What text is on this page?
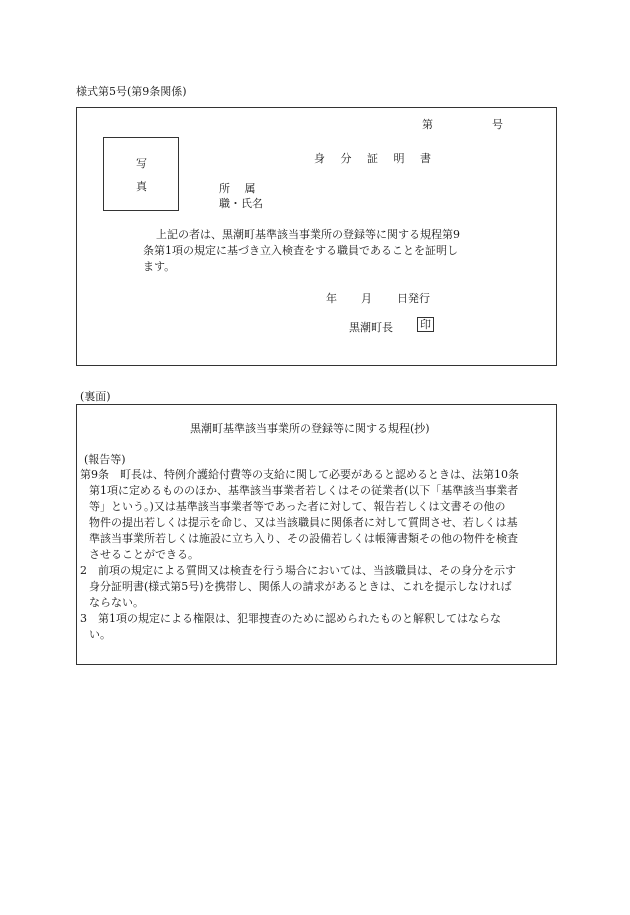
様式第5号(第9条関係)
第	号
写
真
身 分 証 明 書
所　 属
職・氏名
上記の者は、黒潮町基準該当事業所の登録等に関する規程第9
条第1項の規定に基づき立入検査をする職員であることを証明し
ます。
年 月 日発行
黒潮町長 印
(裏面)
黒潮町基準該当事業所の登録等に関する規程(抄)
(報告等)
第9条　町長は、特例介護給付費等の支給に関して必要があると認めるときは、法第10条
第1項に定めるもののほか、基準該当事業者若しくはその従業者(以下「基準該当事業者
等」という。)又は基準該当事業者等であった者に対して、報告若しくは文書その他の
物件の提出若しくは提示を命じ、又は当該職員に関係者に対して質問させ、若しくは基
準該当事業所若しくは施設に立ち入り、その設備若しくは帳簿書類その他の物件を検査
させることができる。
2　前項の規定による質問又は検査を行う場合においては、当該職員は、その身分を示す
身分証明書(様式第5号)を携帯し、関係人の請求があるときは、これを提示しなければ
ならない。
3　第1項の規定による権限は、犯罪捜査のために認められたものと解釈してはならな
い。
